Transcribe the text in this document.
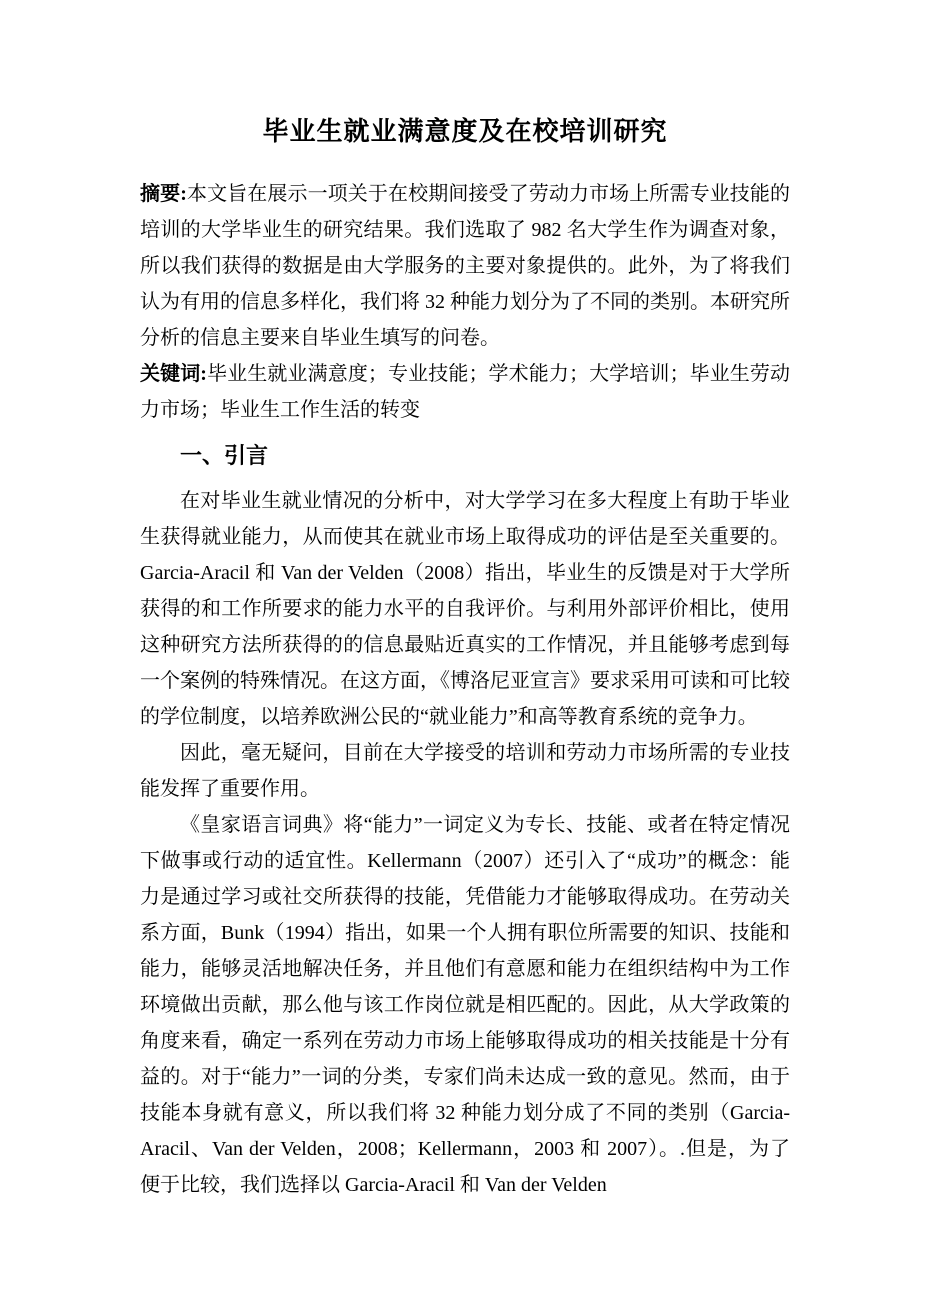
毕业生就业满意度及在校培训研究

摘要:本文旨在展示一项关于在校期间接受了劳动力市场上所需专业技能的培训的大学毕业生的研究结果。我们选取了 982 名大学生作为调查对象，所以我们获得的数据是由大学服务的主要对象提供的。此外，为了将我们认为有用的信息多样化，我们将 32 种能力划分为了不同的类别。本研究所分析的信息主要来自毕业生填写的问卷。

关键词:毕业生就业满意度；专业技能；学术能力；大学培训；毕业生劳动力市场；毕业生工作生活的转变

一、引言

在对毕业生就业情况的分析中，对大学学习在多大程度上有助于毕业生获得就业能力，从而使其在就业市场上取得成功的评估是至关重要的。Garcia-Aracil 和 Van der Velden（2008）指出，毕业生的反馈是对于大学所获得的和工作所要求的能力水平的自我评价。与利用外部评价相比，使用这种研究方法所获得的的信息最贴近真实的工作情况，并且能够考虑到每一个案例的特殊情况。在这方面，《博洛尼亚宣言》要求采用可读和可比较的学位制度，以培养欧洲公民的“就业能力”和高等教育系统的竞争力。

因此，毫无疑问，目前在大学接受的培训和劳动力市场所需的专业技能发挥了重要作用。

《皇家语言词典》将“能力”一词定义为专长、技能、或者在特定情况下做事或行动的适宜性。Kellermann（2007）还引入了“成功”的概念：能力是通过学习或社交所获得的技能，凭借能力才能够取得成功。在劳动关系方面，Bunk（1994）指出，如果一个人拥有职位所需要的知识、技能和能力，能够灵活地解决任务，并且他们有意愿和能力在组织结构中为工作环境做出贡献，那么他与该工作岗位就是相匹配的。因此，从大学政策的角度来看，确定一系列在劳动力市场上能够取得成功的相关技能是十分有益的。对于“能力”一词的分类，专家们尚未达成一致的意见。然而，由于技能本身就有意义，所以我们将 32 种能力划分成了不同的类别（Garcia-Aracil、Van der Velden，2008；Kellermann，2003 和 2007）。.但是，为了便于比较，我们选择以 Garcia-Aracil 和 Van der Velden
